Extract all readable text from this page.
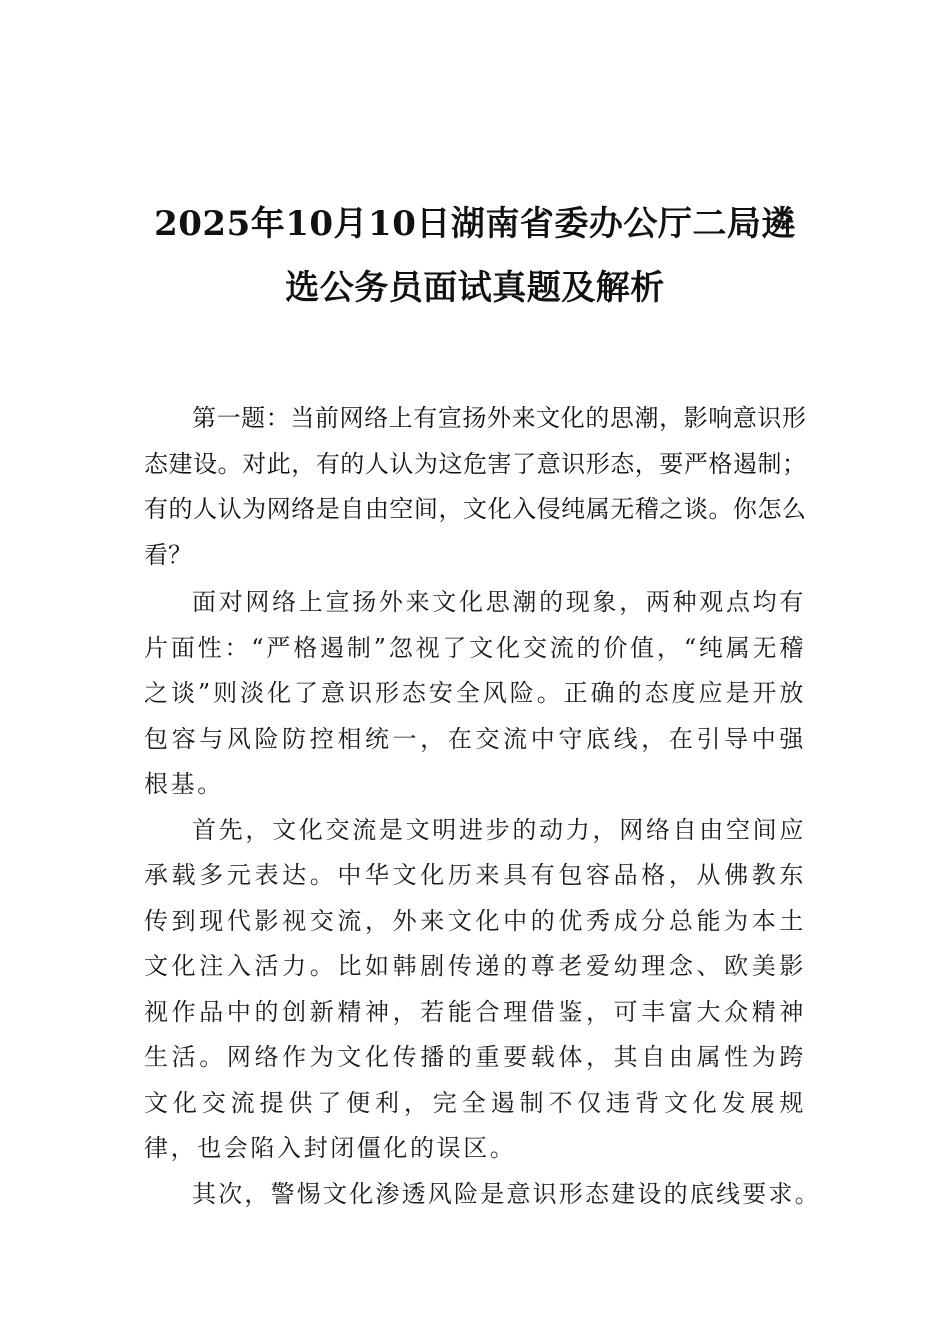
2025年10月10日湖南省委办公厅二局遴
选公务员面试真题及解析

第一题：当前网络上有宣扬外来文化的思潮，影响意识形态建设。对此，有的人认为这危害了意识形态，要严格遏制；有的人认为网络是自由空间，文化入侵纯属无稽之谈。你怎么看？

面对网络上宣扬外来文化思潮的现象，两种观点均有片面性：“严格遏制”忽视了文化交流的价值，“纯属无稽之谈”则淡化了意识形态安全风险。正确的态度应是开放包容与风险防控相统一，在交流中守底线，在引导中强根基。

首先，文化交流是文明进步的动力，网络自由空间应承载多元表达。中华文化历来具有包容品格，从佛教东传到现代影视交流，外来文化中的优秀成分总能为本土文化注入活力。比如韩剧传递的尊老爱幼理念、欧美影视作品中的创新精神，若能合理借鉴，可丰富大众精神生活。网络作为文化传播的重要载体，其自由属性为跨文化交流提供了便利，完全遏制不仅违背文化发展规律，也会陷入封闭僵化的误区。

其次，警惕文化渗透风险是意识形态建设的底线要求。
